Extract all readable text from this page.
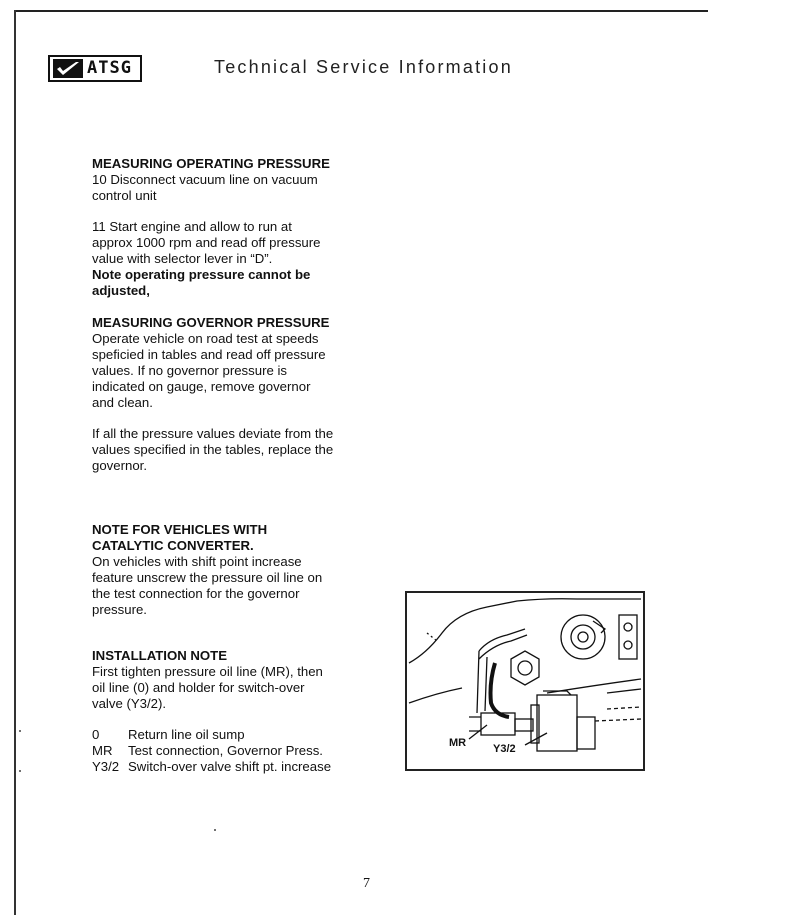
ATSG	Technical Service Information
MEASURING OPERATING PRESSURE
10 Disconnect vacuum line on vacuum
control unit
11 Start engine and allow to run at
approx 1000 rpm and read off pressure
value with selector lever in “D”.
Note operating pressure cannot be
adjusted,
MEASURING GOVERNOR PRESSURE
Operate vehicle on road test at speeds
speficied in tables and read off pressure
values. If no governor pressure is
indicated on gauge, remove governor
and clean.
If all the pressure values deviate from the
values specified in the tables, replace the
governor.
NOTE FOR VEHICLES WITH
CATALYTIC CONVERTER.
On vehicles with shift point increase
feature unscrew the pressure oil line on
the test connection for the governor
pressure.
INSTALLATION NOTE
First tighten pressure oil line (MR), then
oil line (0) and holder for switch-over
valve (Y3/2).
0	Return line oil sump
MR	Test connection, Governor Press.
Y3/2 Switch-over valve shift pt. increase
MR Y3/2
7
